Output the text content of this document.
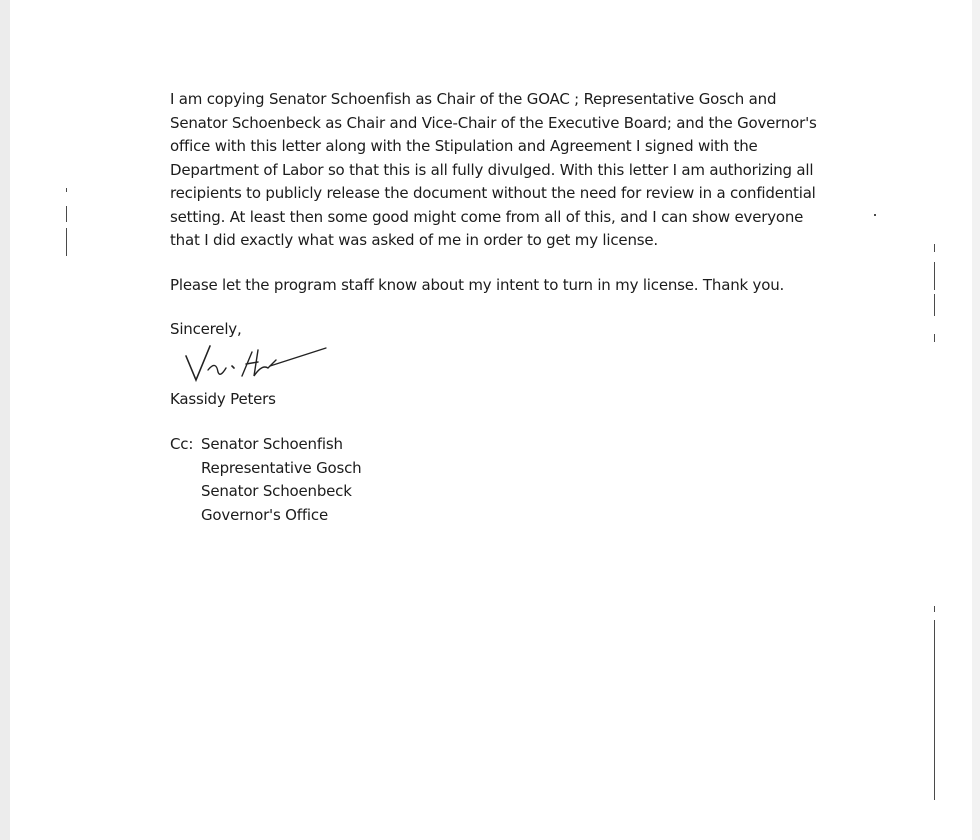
I am copying Senator Schoenfish as Chair of the GOAC ; Representative Gosch and

Senator Schoenbeck as Chair and Vice-Chair of the Executive Board; and the Governor's

office with this letter along with the Stipulation and Agreement I signed with the

Department of Labor so that this is all fully divulged. With this letter I am authorizing all

recipients to publicly release the document without the need for review in a confidential

setting. At least then some good might come from all of this, and I can show everyone

that I did exactly what was asked of me in order to get my license.

Please let the program staff know about my intent to turn in my license. Thank you.
Sincerely,
Kassidy Peters
Cc: Senator Schoenfish
Representative Gosch
Senator Schoenbeck
Governor's Office
